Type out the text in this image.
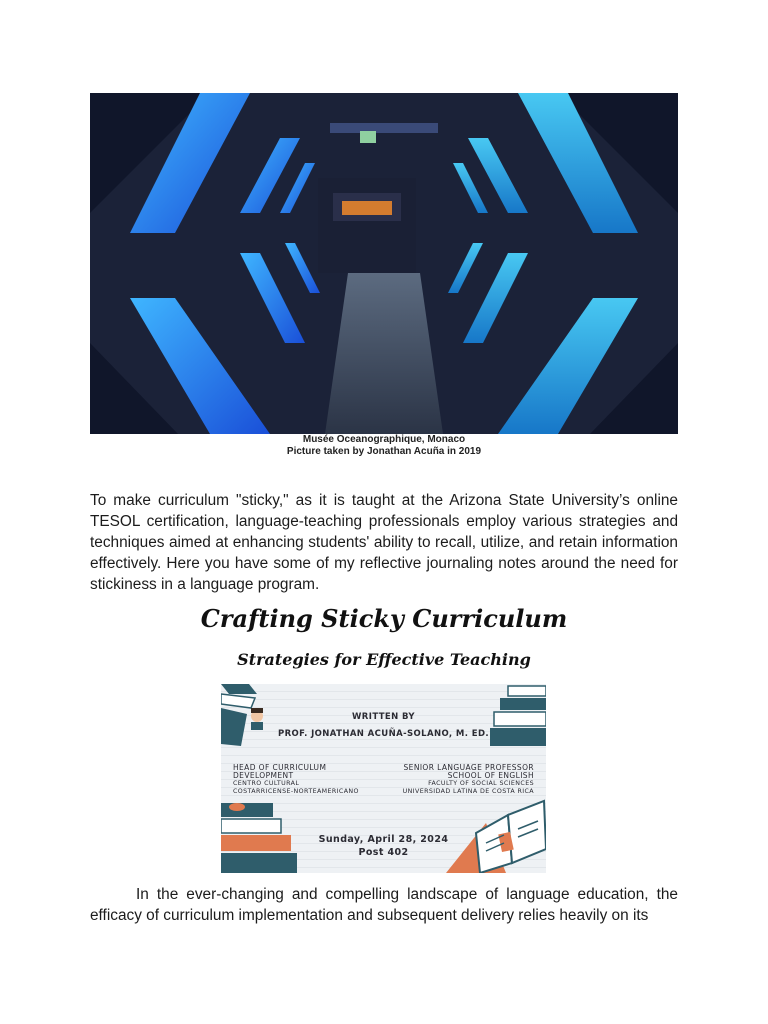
Musée Oceanographique, Monaco
Picture taken by Jonathan Acuña in 2019
To make curriculum "sticky," as it is taught at the Arizona State University’s online TESOL certification, language-teaching professionals employ various strategies and techniques aimed at enhancing students' ability to recall, utilize, and retain information effectively. Here you have some of my reflective journaling notes around the need for stickiness in a language program.
Crafting Sticky Curriculum
Strategies for Effective Teaching
WRITTEN BY
PROF. JONATHAN ACUÑA-SOLANO, M. ED.
HEAD OF CURRICULUM
DEVELOPMENT
CENTRO CULTURAL
COSTARRICENSE-NORTEAMERICANO
SENIOR LANGUAGE PROFESSOR
SCHOOL OF ENGLISH
FACULTY OF SOCIAL SCIENCES
UNIVERSIDAD LATINA DE COSTA RICA
Sunday, April 28, 2024
Post 402
In the ever-changing and compelling landscape of language education, the efficacy of curriculum implementation and subsequent delivery relies heavily on its
